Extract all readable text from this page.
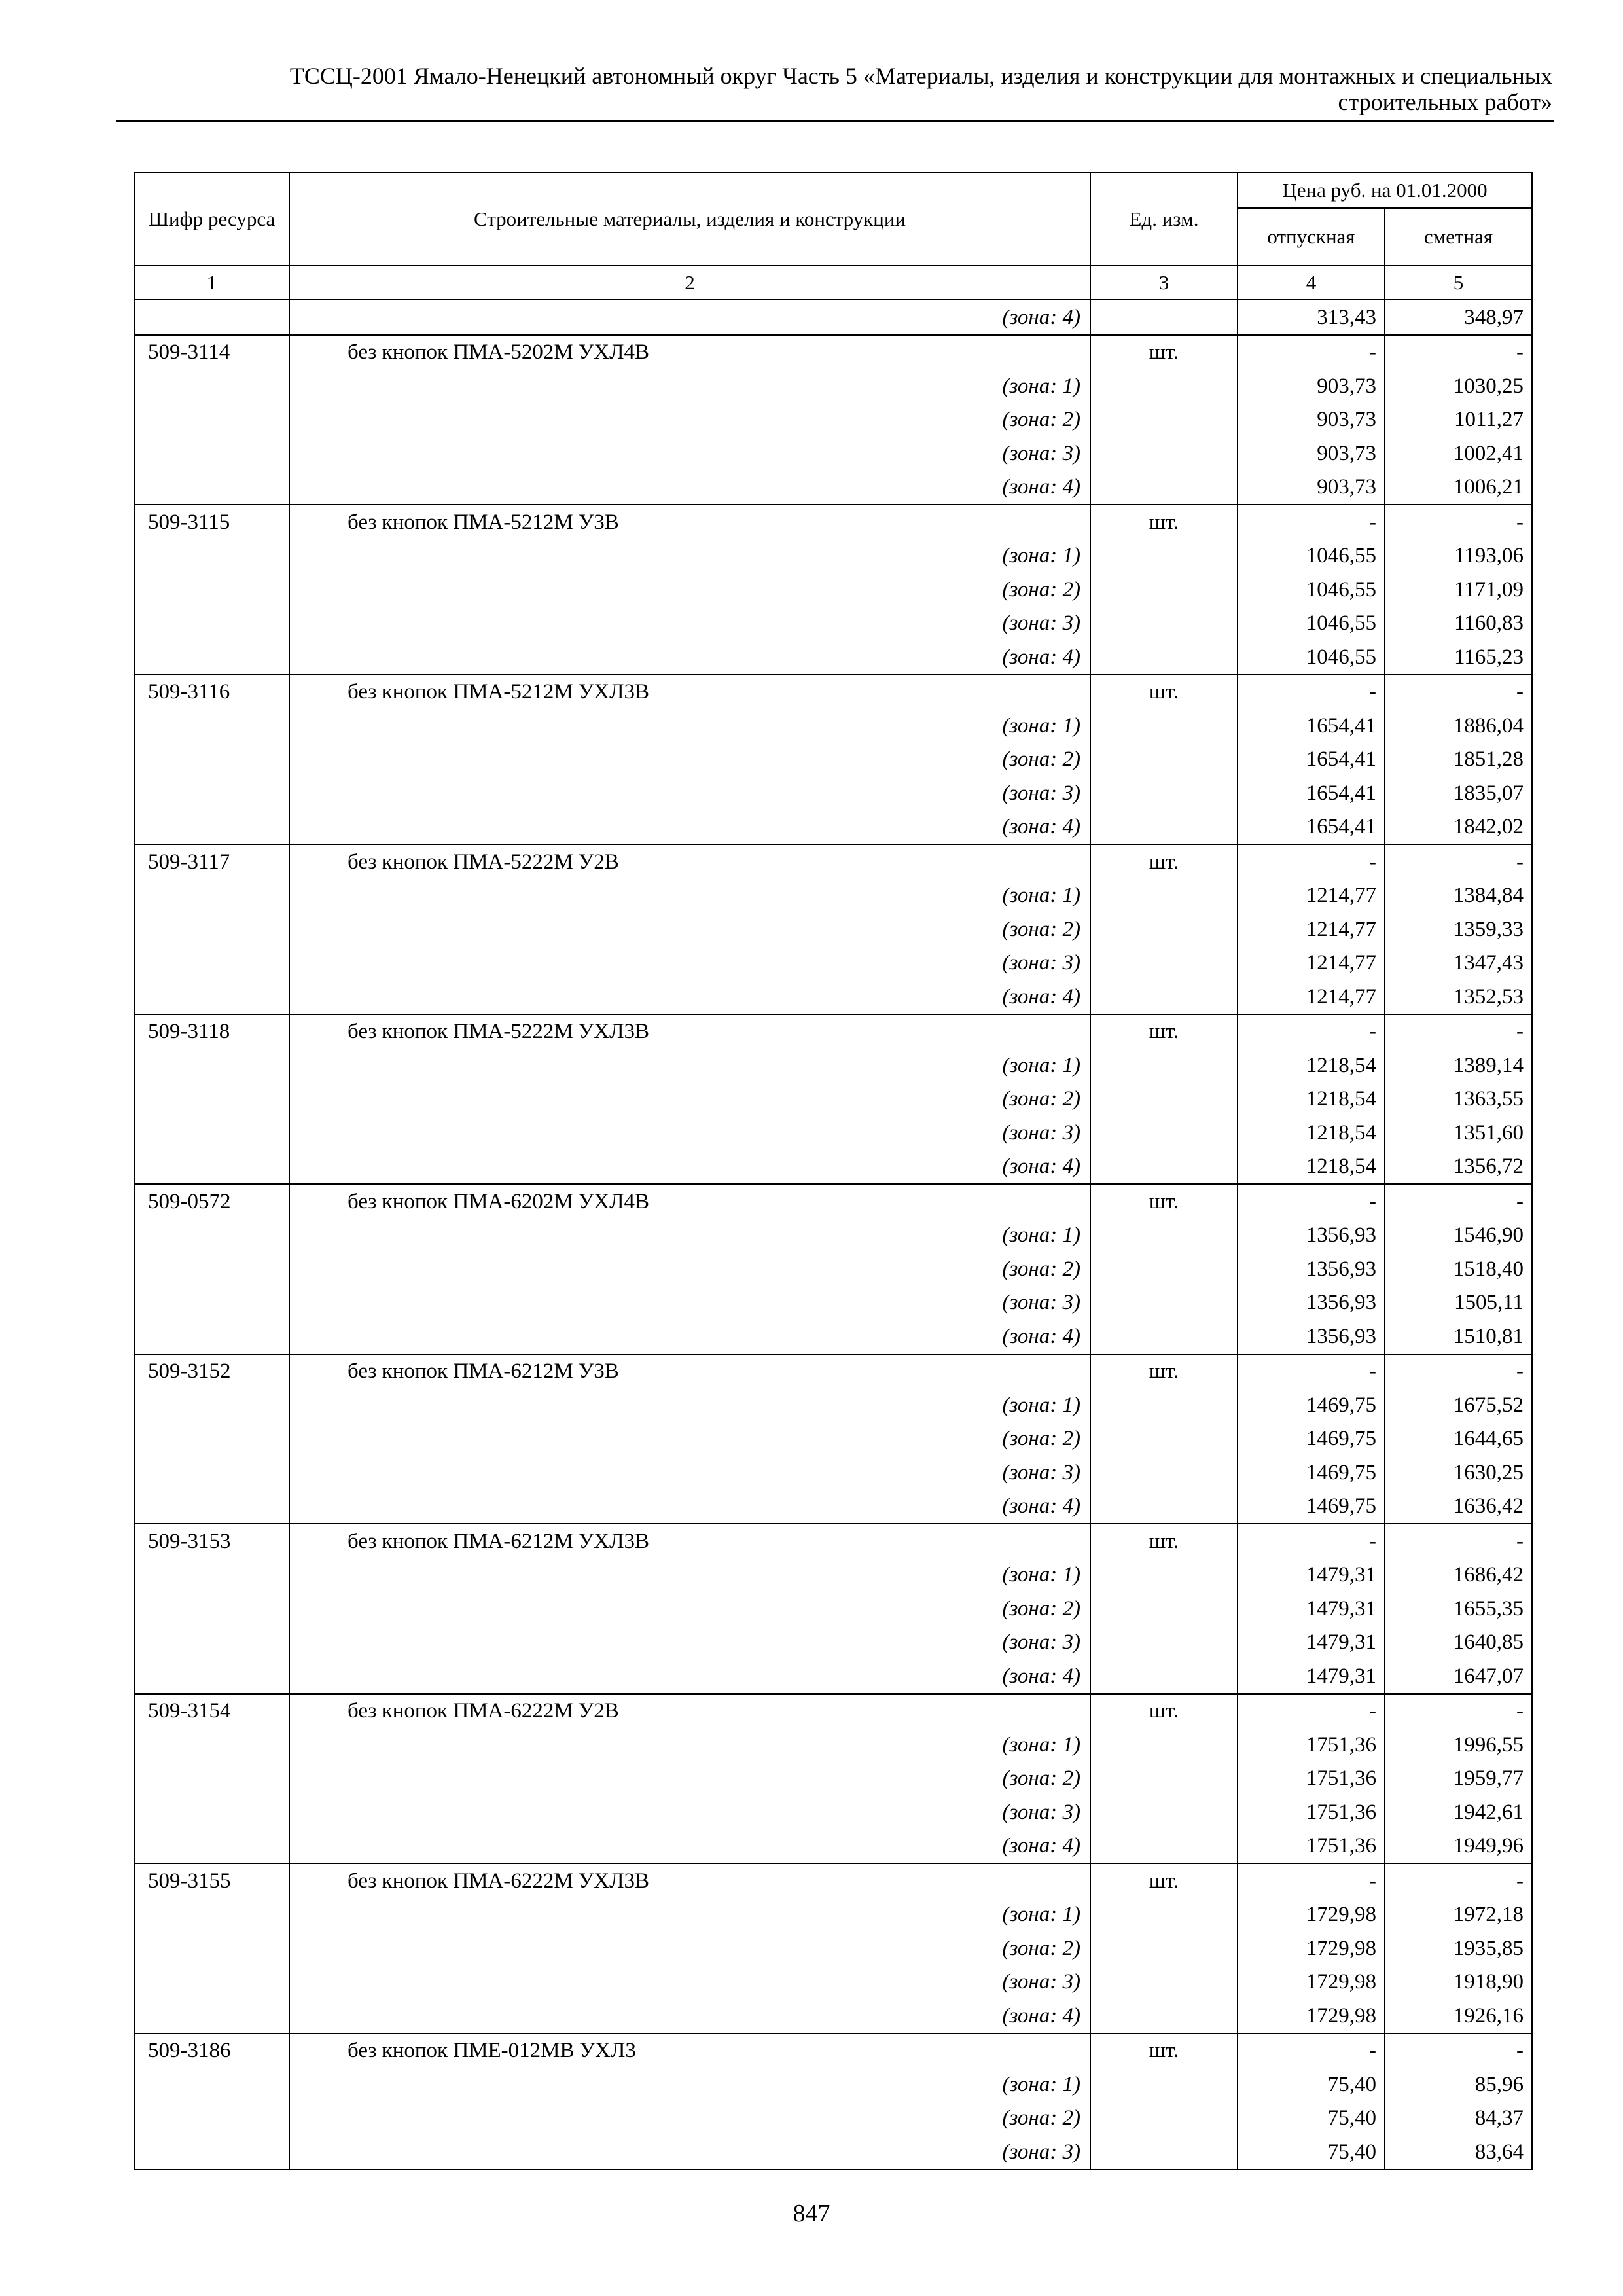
ТССЦ-2001 Ямало-Ненецкий автономный округ Часть 5 «Материалы, изделия и конструкции для монтажных и специальных
строительных работ»
Шифр ресурса	Строительные материалы, изделия и конструкции	Ед. изм.	Цена руб. на 01.01.2000	
			отпускная	сметная
1	2	3	4	5
	(зона: 4)		313,43	348,97
509-3114	без кнопок ПМА-5202М УХЛ4В	шт.	-	-
	(зона: 1)		903,73	1030,25
	(зона: 2)		903,73	1011,27
	(зона: 3)		903,73	1002,41
	(зона: 4)		903,73	1006,21
509-3115	без кнопок ПМА-5212М У3В	шт.	-	-
	(зона: 1)		1046,55	1193,06
	(зона: 2)		1046,55	1171,09
	(зона: 3)		1046,55	1160,83
	(зона: 4)		1046,55	1165,23
509-3116	без кнопок ПМА-5212М УХЛ3В	шт.	-	-
	(зона: 1)		1654,41	1886,04
	(зона: 2)		1654,41	1851,28
	(зона: 3)		1654,41	1835,07
	(зона: 4)		1654,41	1842,02
509-3117	без кнопок ПМА-5222М У2В	шт.	-	-
	(зона: 1)		1214,77	1384,84
	(зона: 2)		1214,77	1359,33
	(зона: 3)		1214,77	1347,43
	(зона: 4)		1214,77	1352,53
509-3118	без кнопок ПМА-5222М УХЛ3В	шт.	-	-
	(зона: 1)		1218,54	1389,14
	(зона: 2)		1218,54	1363,55
	(зона: 3)		1218,54	1351,60
	(зона: 4)		1218,54	1356,72
509-0572	без кнопок ПМА-6202М УХЛ4В	шт.	-	-
	(зона: 1)		1356,93	1546,90
	(зона: 2)		1356,93	1518,40
	(зона: 3)		1356,93	1505,11
	(зона: 4)		1356,93	1510,81
509-3152	без кнопок ПМА-6212М У3В	шт.	-	-
	(зона: 1)		1469,75	1675,52
	(зона: 2)		1469,75	1644,65
	(зона: 3)		1469,75	1630,25
	(зона: 4)		1469,75	1636,42
509-3153	без кнопок ПМА-6212М УХЛ3В	шт.	-	-
	(зона: 1)		1479,31	1686,42
	(зона: 2)		1479,31	1655,35
	(зона: 3)		1479,31	1640,85
	(зона: 4)		1479,31	1647,07
509-3154	без кнопок ПМА-6222М У2В	шт.	-	-
	(зона: 1)		1751,36	1996,55
	(зона: 2)		1751,36	1959,77
	(зона: 3)		1751,36	1942,61
	(зона: 4)		1751,36	1949,96
509-3155	без кнопок ПМА-6222М УХЛ3В	шт.	-	-
	(зона: 1)		1729,98	1972,18
	(зона: 2)		1729,98	1935,85
	(зона: 3)		1729,98	1918,90
	(зона: 4)		1729,98	1926,16
509-3186	без кнопок ПМЕ-012МВ УХЛ3	шт.	-	-
	(зона: 1)		75,40	85,96
	(зона: 2)		75,40	84,37
	(зона: 3)		75,40	83,64
847
